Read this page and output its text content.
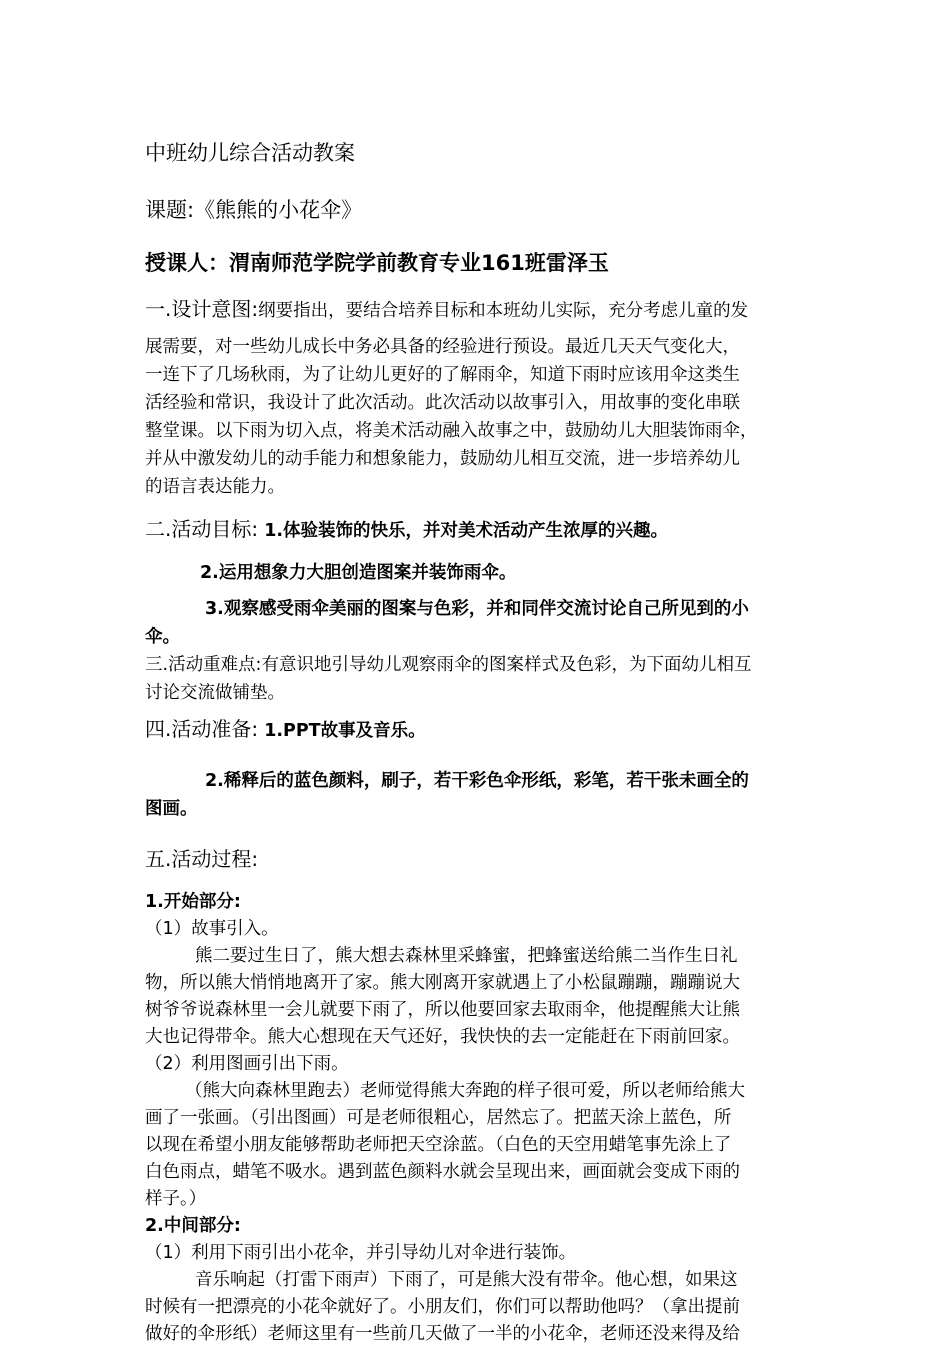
中班幼儿综合活动教案
课题:《熊熊的小花伞》
授课人：渭南师范学院学前教育专业161班雷泽玉
一.设计意图:纲要指出，要结合培养目标和本班幼儿实际，充分考虑儿童的发
展需要，对一些幼儿成长中务必具备的经验进行预设。最近几天天气变化大，
一连下了几场秋雨，为了让幼儿更好的了解雨伞，知道下雨时应该用伞这类生
活经验和常识，我设计了此次活动。此次活动以故事引入，用故事的变化串联
整堂课。以下雨为切入点，将美术活动融入故事之中，鼓励幼儿大胆装饰雨伞，
并从中激发幼儿的动手能力和想象能力，鼓励幼儿相互交流，进一步培养幼儿
的语言表达能力。
二.活动目标: 1.体验装饰的快乐，并对美术活动产生浓厚的兴趣。
2.运用想象力大胆创造图案并装饰雨伞。
3.观察感受雨伞美丽的图案与色彩，并和同伴交流讨论自己所见到的小
伞。
三.活动重难点:有意识地引导幼儿观察雨伞的图案样式及色彩，为下面幼儿相互
讨论交流做铺垫。
四.活动准备: 1.PPT故事及音乐。
2.稀释后的蓝色颜料，刷子，若干彩色伞形纸，彩笔，若干张未画全的
图画。
五.活动过程:
1.开始部分:
（1）故事引入。
熊二要过生日了，熊大想去森林里采蜂蜜，把蜂蜜送给熊二当作生日礼
物，所以熊大悄悄地离开了家。熊大刚离开家就遇上了小松鼠蹦蹦，蹦蹦说大
树爷爷说森林里一会儿就要下雨了，所以他要回家去取雨伞，他提醒熊大让熊
大也记得带伞。熊大心想现在天气还好，我快快的去一定能赶在下雨前回家。
（2）利用图画引出下雨。
（熊大向森林里跑去）老师觉得熊大奔跑的样子很可爱，所以老师给熊大
画了一张画。（引出图画）可是老师很粗心，居然忘了。把蓝天涂上蓝色，所
以现在希望小朋友能够帮助老师把天空涂蓝。（白色的天空用蜡笔事先涂上了
白色雨点，蜡笔不吸水。遇到蓝色颜料水就会呈现出来，画面就会变成下雨的
样子。）
2.中间部分:
（1）利用下雨引出小花伞，并引导幼儿对伞进行装饰。
音乐响起（打雷下雨声）下雨了，可是熊大没有带伞。他心想，如果这
时候有一把漂亮的小花伞就好了。小朋友们，你们可以帮助他吗？（拿出提前
做好的伞形纸）老师这里有一些前几天做了一半的小花伞，老师还没来得及给
